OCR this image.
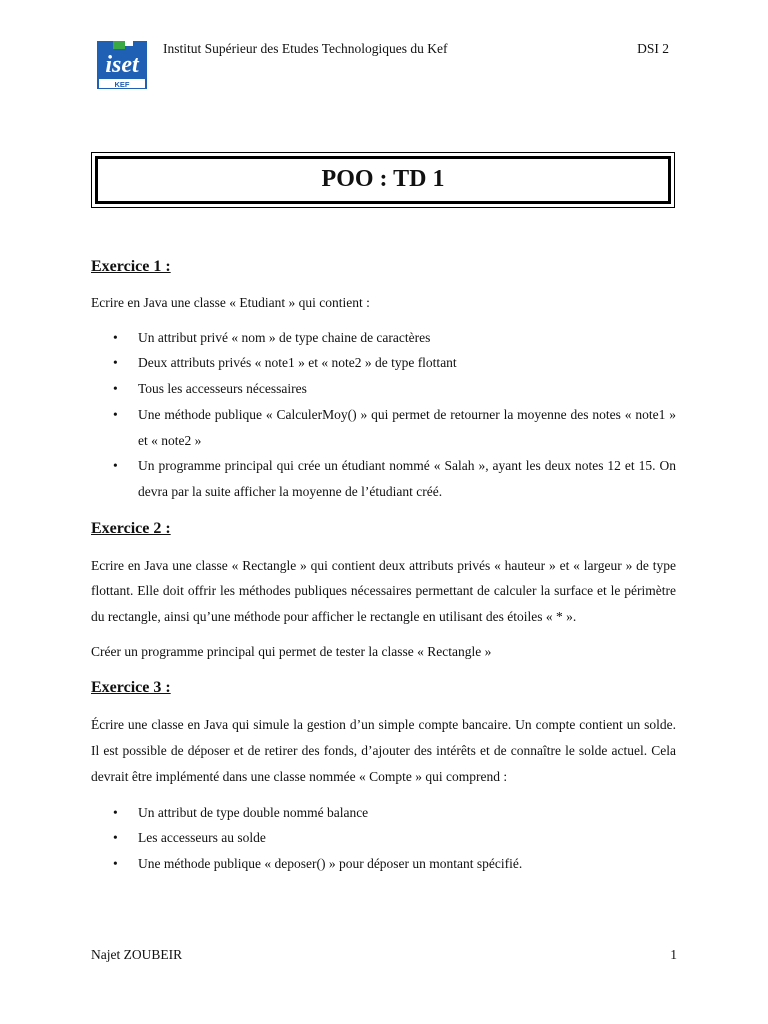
iset
KEF
Institut Supérieur des Etudes Technologiques du Kef	DSI 2
POO : TD 1
Exercice 1 :

Ecrire en Java une classe « Etudiant » qui contient :

• Un attribut privé « nom » de type chaine de caractères
• Deux attributs privés « note1 » et « note2 » de type flottant
• Tous les accesseurs nécessaires
• Une méthode publique « CalculerMoy() » qui permet de retourner la moyenne des notes « note1 » et « note2 »
• Un programme principal qui crée un étudiant nommé « Salah », ayant les deux notes 12 et 15. On devra par la suite afficher la moyenne de l’étudiant créé.
Exercice 2 :

Ecrire en Java une classe « Rectangle » qui contient deux attributs privés « hauteur » et « largeur » de type flottant. Elle doit offrir les méthodes publiques nécessaires permettant de calculer la surface et le périmètre du rectangle, ainsi qu’une méthode pour afficher le rectangle en utilisant des étoiles « * ».

Créer un programme principal qui permet de tester la classe « Rectangle »

Exercice 3 :

Écrire une classe en Java qui simule la gestion d’un simple compte bancaire. Un compte contient un solde. Il est possible de déposer et de retirer des fonds, d’ajouter des intérêts et de connaître le solde actuel. Cela devrait être implémenté dans une classe nommée « Compte » qui comprend :

• Un attribut de type double nommé balance
• Les accesseurs au solde
• Une méthode publique « deposer() » pour déposer un montant spécifié.
Najet ZOUBEIR	1
